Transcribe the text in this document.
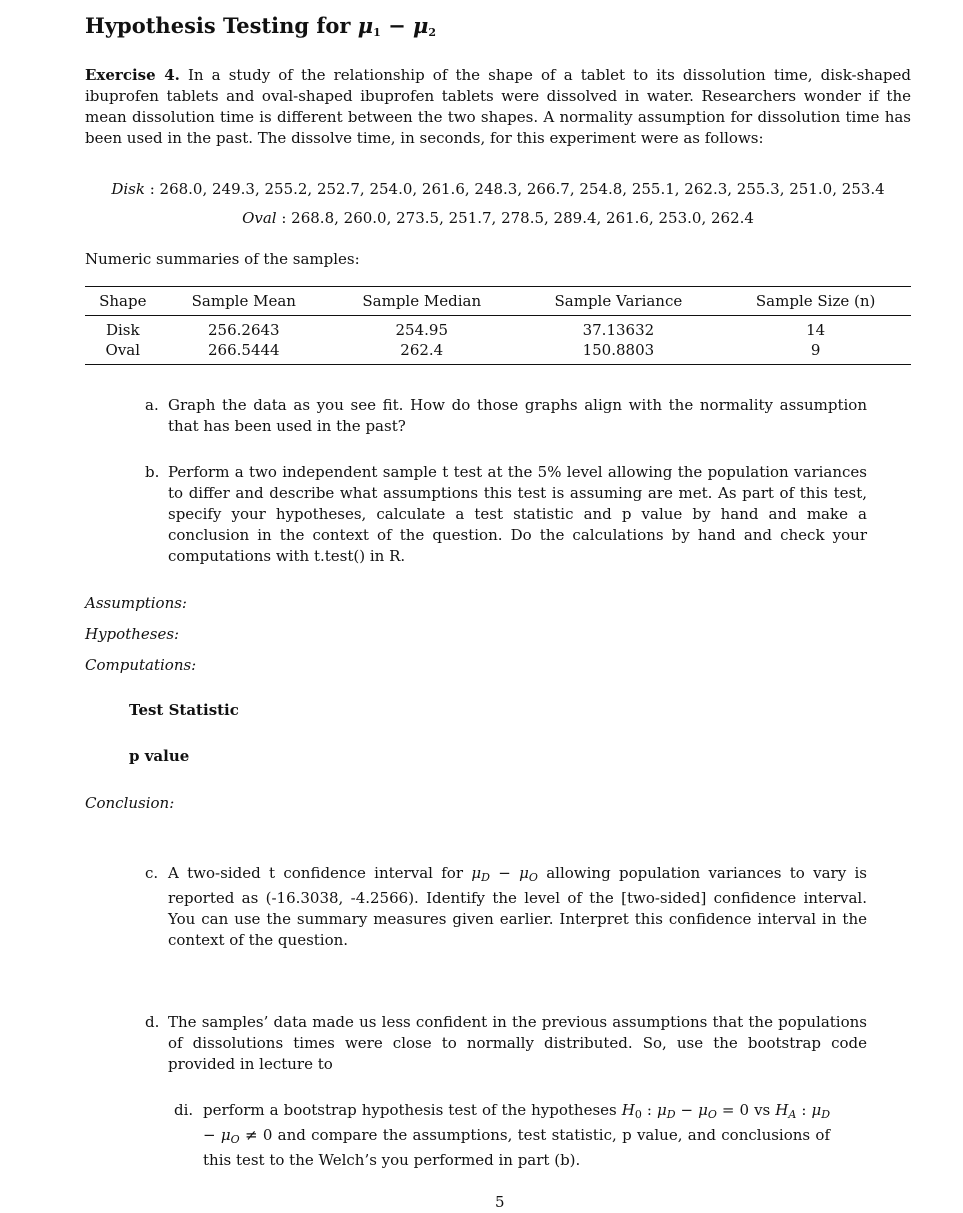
Hypothesis Testing for $\mu_1 - \mu_2$

Exercise 4. In a study of the relationship of the shape of a tablet to its dissolution time, disk-shaped ibuprofen tablets and oval-shaped ibuprofen tablets were dissolved in water. Researchers wonder if the mean dissolution time is different between the two shapes. A normality assumption for dissolution time has been used in the past. The dissolve time, in seconds, for this experiment were as follows:

Disk : 268.0, 249.3, 255.2, 252.7, 254.0, 261.6, 248.3, 266.7, 254.8, 255.1, 262.3, 255.3, 251.0, 253.4
Oval : 268.8, 260.0, 273.5, 251.7, 278.5, 289.4, 261.6, 253.0, 262.4

Numeric summaries of the samples:

Shape	Sample Mean	Sample Median	Sample Variance	Sample Size (n)
Disk	256.2643	254.95	37.13632	14
Oval	266.5444	262.4	150.8803	9
a. Graph the data as you see fit. How do those graphs align with the normality assumption that has been used in the past?
b. Perform a two independent sample t test at the 5% level allowing the population variances to differ and describe what assumptions this test is assuming are met. As part of this test, specify your hypotheses, calculate a test statistic and p value by hand and make a conclusion in the context of the question. Do the calculations by hand and check your computations with t.test() in R.
Assumptions:
Hypotheses:
Computations:
Test Statistic
p value
Conclusion:
c. A two-sided t confidence interval for $\mu_D - \mu_O$ allowing population variances to vary is reported as (-16.3038, -4.2566). Identify the level of the [two-sided] confidence interval. You can use the summary measures given earlier. Interpret this confidence interval in the context of the question.
d. The samples’ data made us less confident in the previous assumptions that the populations of dissolutions times were close to normally distributed. So, use the bootstrap code provided in lecture to
di. perform a bootstrap hypothesis test of the hypotheses $H_0$ : $\mu_D - \mu_O = 0$ vs $H_A$ : $\mu_D - \mu_O \ne 0$ and compare the assumptions, test statistic, p value, and conclusions of this test to the Welch’s you performed in part (b).
5
